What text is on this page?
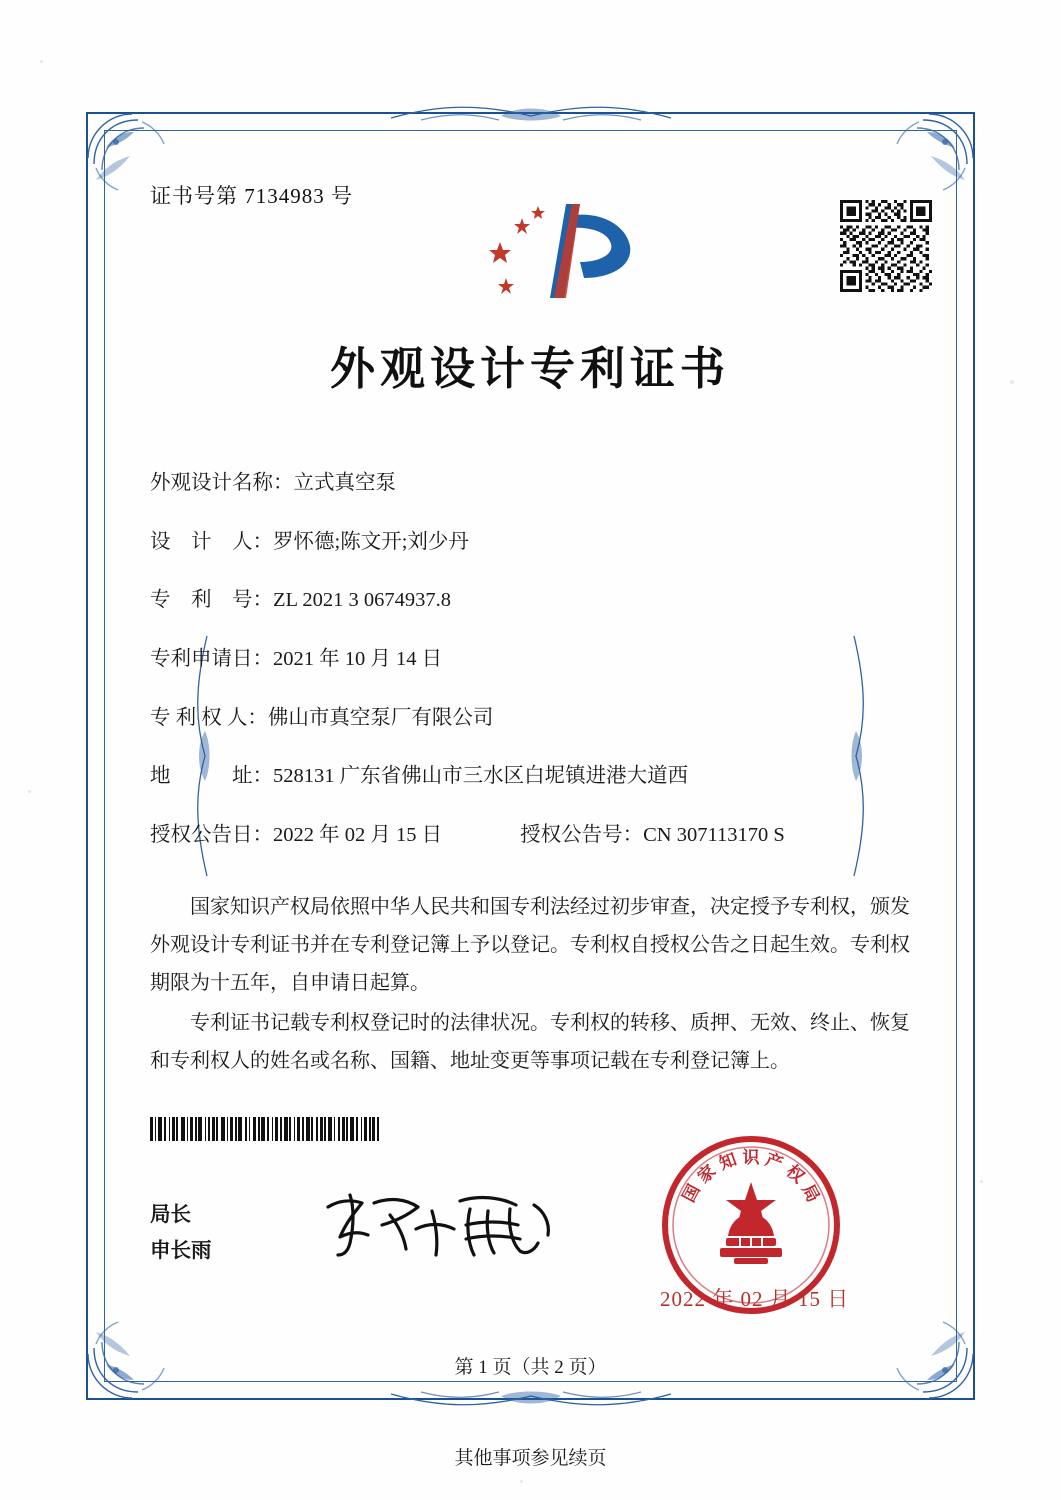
证书号第 7134983 号
外观设计专利证书
外观设计名称： 立式真空泵
设　计　人： 罗怀德;陈文开;刘少丹
专　利　号： ZL 2021 3 0674937.8
专利申请日： 2021 年 10 月 14 日
专 利 权 人： 佛山市真空泵厂有限公司
地　　　址： 528131 广东省佛山市三水区白坭镇进港大道西
授权公告日： 2022 年 02 月 15 日	授权公告号： CN 307113170 S

国家知识产权局依照中华人民共和国专利法经过初步审查，决定授予专利权，颁发外观设计专利证书并在专利登记簿上予以登记。专利权自授权公告之日起生效。专利权期限为十五年，自申请日起算。

专利证书记载专利权登记时的法律状况。专利权的转移、质押、无效、终止、恢复和专利权人的姓名或名称、国籍、地址变更等事项记载在专利登记簿上。

局长
申长雨
国
家
知 识 产
权
局
2022 年 02 月 15 日
第 1 页（共 2 页）
其他事项参见续页
